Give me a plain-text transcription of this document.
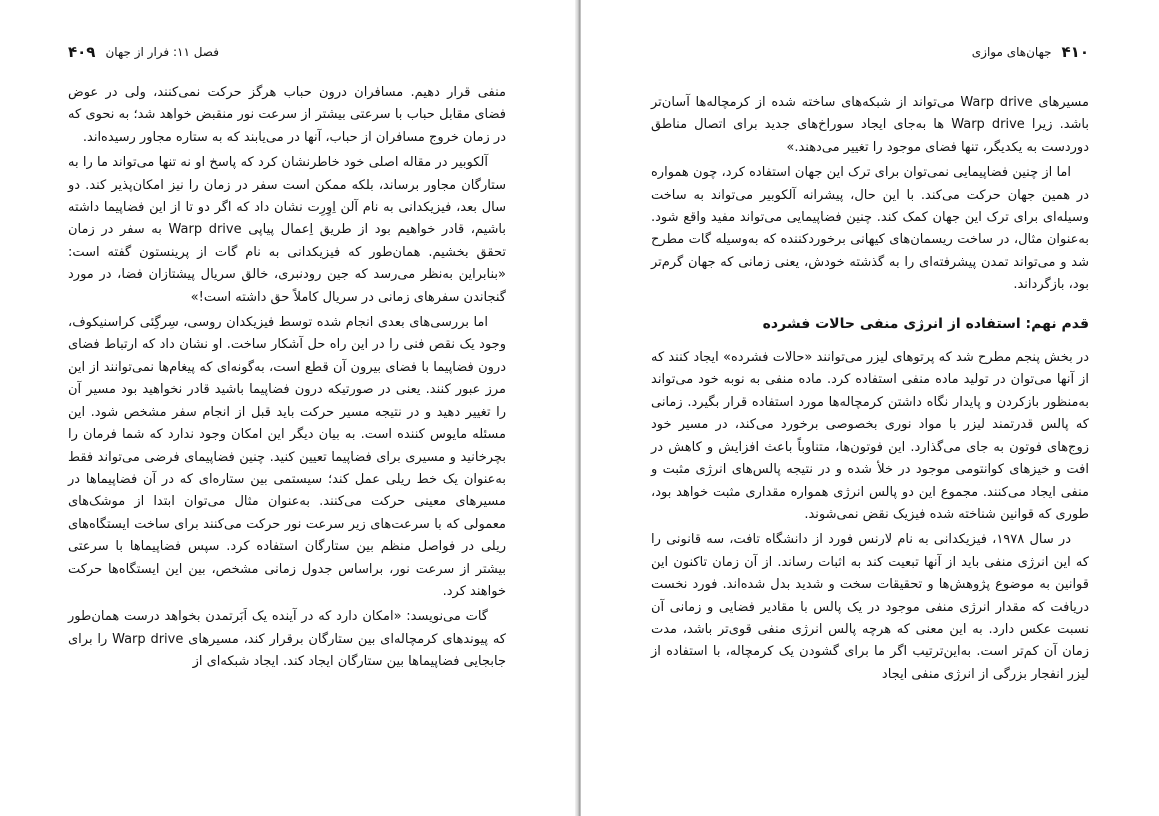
فصل ۱۱: فرار از جهان
۴۰۹

منفی قرار دهیم. مسافران درون حباب هرگز حرکت نمی‌کنند، ولی در عوض فضای مقابل حباب با سرعتی بیشتر از سرعت نور منقبض خواهد شد؛ به نحوی که در زمان خروج مسافران از حباب، آنها در می‌یابند که به ستاره مجاور رسیده‌اند.

آلکوبیر در مقاله اصلی خود خاطرنشان کرد که پاسخ او نه تنها می‌تواند ما را به ستارگان مجاور برساند، بلکه ممکن است سفر در زمان را نیز امکان‌پذیر کند. دو سال بعد، فیزیکدانی به نام آلن اِوِرِت نشان داد که اگر دو تا از این فضاپیما داشته باشیم، قادر خواهیم بود از طریق اِعمال پیاپی Warp drive به سفر در زمان تحقق بخشیم. همان‌طور که فیزیکدانی به نام گات از پرینستون گفته است: «بنابراین به‌نظر می‌رسد که جین رودنبری، خالق سریال پیشتازان فضا، در مورد گنجاندن سفرهای زمانی در سریال کاملاً حق داشته است!»

اما بررسی‌های بعدی انجام شده توسط فیزیکدان روسی، سِرگِئی کراسنیکوف، وجود یک نقص فنی را در این راه حل آشکار ساخت. او نشان داد که ارتباط فضای درون فضاپیما با فضای بیرون آن قطع است، به‌گونه‌ای که پیغام‌ها نمی‌توانند از این مرز عبور کنند. یعنی در صورتیکه درون فضاپیما باشید قادر نخواهید بود مسیر آن را تغییر دهید و در نتیجه مسیر حرکت باید قبل از انجام سفر مشخص شود. این مسئله مایوس کننده است. به بیان دیگر این امکان وجود ندارد که شما فرمان را بچرخانید و مسیری برای فضاپیما تعیین کنید. چنین فضاپیمای فرضی می‌تواند فقط به‌عنوان یک خط ریلی عمل کند؛ سیستمی بین ستاره‌ای که در آن فضاپیماها در مسیرهای معینی حرکت می‌کنند. به‌عنوان مثال می‌توان ابتدا از موشک‌های معمولی که با سرعت‌های زیر سرعت نور حرکت می‌کنند برای ساخت ایستگاه‌های ریلی در فواصل منظم بین ستارگان استفاده کرد. سپس فضاپیماها با سرعتی بیشتر از سرعت نور، براساس جدول زمانی مشخص، بین این ایستگاه‌ها حرکت خواهند کرد.

گات می‌نویسد: «امکان دارد که در آینده یک اَبَرتمدن بخواهد درست همان‌طور که پیوندهای کرمچاله‌ای بین ستارگان برقرار کند، مسیرهای Warp drive را برای جابجایی فضاپیماها بین ستارگان ایجاد کند. ایجاد شبکه‌ای از

۴۱۰
جهان‌های موازی

مسیرهای Warp drive می‌تواند از شبکه‌های ساخته شده از کرمچاله‌ها آسان‌تر باشد. زیرا Warp drive ها به‌جای ایجاد سوراخ‌های جدید برای اتصال مناطق دوردست به یکدیگر، تنها فضای موجود را تغییر می‌دهند.»

اما از چنین فضاپیمایی نمی‌توان برای ترک این جهان استفاده کرد، چون همواره در همین جهان حرکت می‌کند. با این حال، پیشرانه آلکوبیر می‌تواند به ساخت وسیله‌ای برای ترک این جهان کمک کند. چنین فضاپیمایی می‌تواند مفید واقع شود. به‌عنوان مثال، در ساخت ریسمان‌های کیهانی برخوردکننده که به‌وسیله گات مطرح شد و می‌تواند تمدن پیشرفته‌ای را به گذشته خودش، یعنی زمانی که جهان گرم‌تر بود، بازگرداند.

قدم نهم: استفاده از انرژی منفی حالات فشرده

در بخش پنجم مطرح شد که پرتوهای لیزر می‌توانند «حالات فشرده» ایجاد کنند که از آنها می‌توان در تولید ماده منفی استفاده کرد. ماده منفی به نوبه خود می‌تواند به‌منظور بازکردن و پایدار نگاه داشتن کرمچاله‌ها مورد استفاده قرار بگیرد. زمانی که پالس قدرتمند لیزر با مواد نوری بخصوصی برخورد می‌کند، در مسیر خود زوج‌های فوتون به جای می‌گذارد. این فوتون‌ها، متناوباً باعث افزایش و کاهش در افت و خیزهای کوانتومی موجود در خلأ شده و در نتیجه پالس‌های انرژی مثبت و منفی ایجاد می‌کنند. مجموع این دو پالس انرژی همواره مقداری مثبت خواهد بود، طوری که قوانین شناخته شده فیزیک نقض نمی‌شوند.

در سال ۱۹۷۸، فیزیکدانی به نام لارنس فورد از دانشگاه تافت، سه قانونی را که این انرژی منفی باید از آنها تبعیت کند به اثبات رساند. از آن زمان تاکنون این قوانین به موضوع پژوهش‌ها و تحقیقات سخت و شدید بدل شده‌اند. فورد نخست دریافت که مقدار انرژی منفی موجود در یک پالس با مقادیر فضایی و زمانی آن نسبت عکس دارد. به این معنی که هرچه پالس انرژی منفی قوی‌تر باشد، مدت زمان آن کم‌تر است. به‌این‌ترتیب اگر ما برای گشودن یک کرمچاله، با استفاده از لیزر انفجار بزرگی از انرژی منفی ایجاد
